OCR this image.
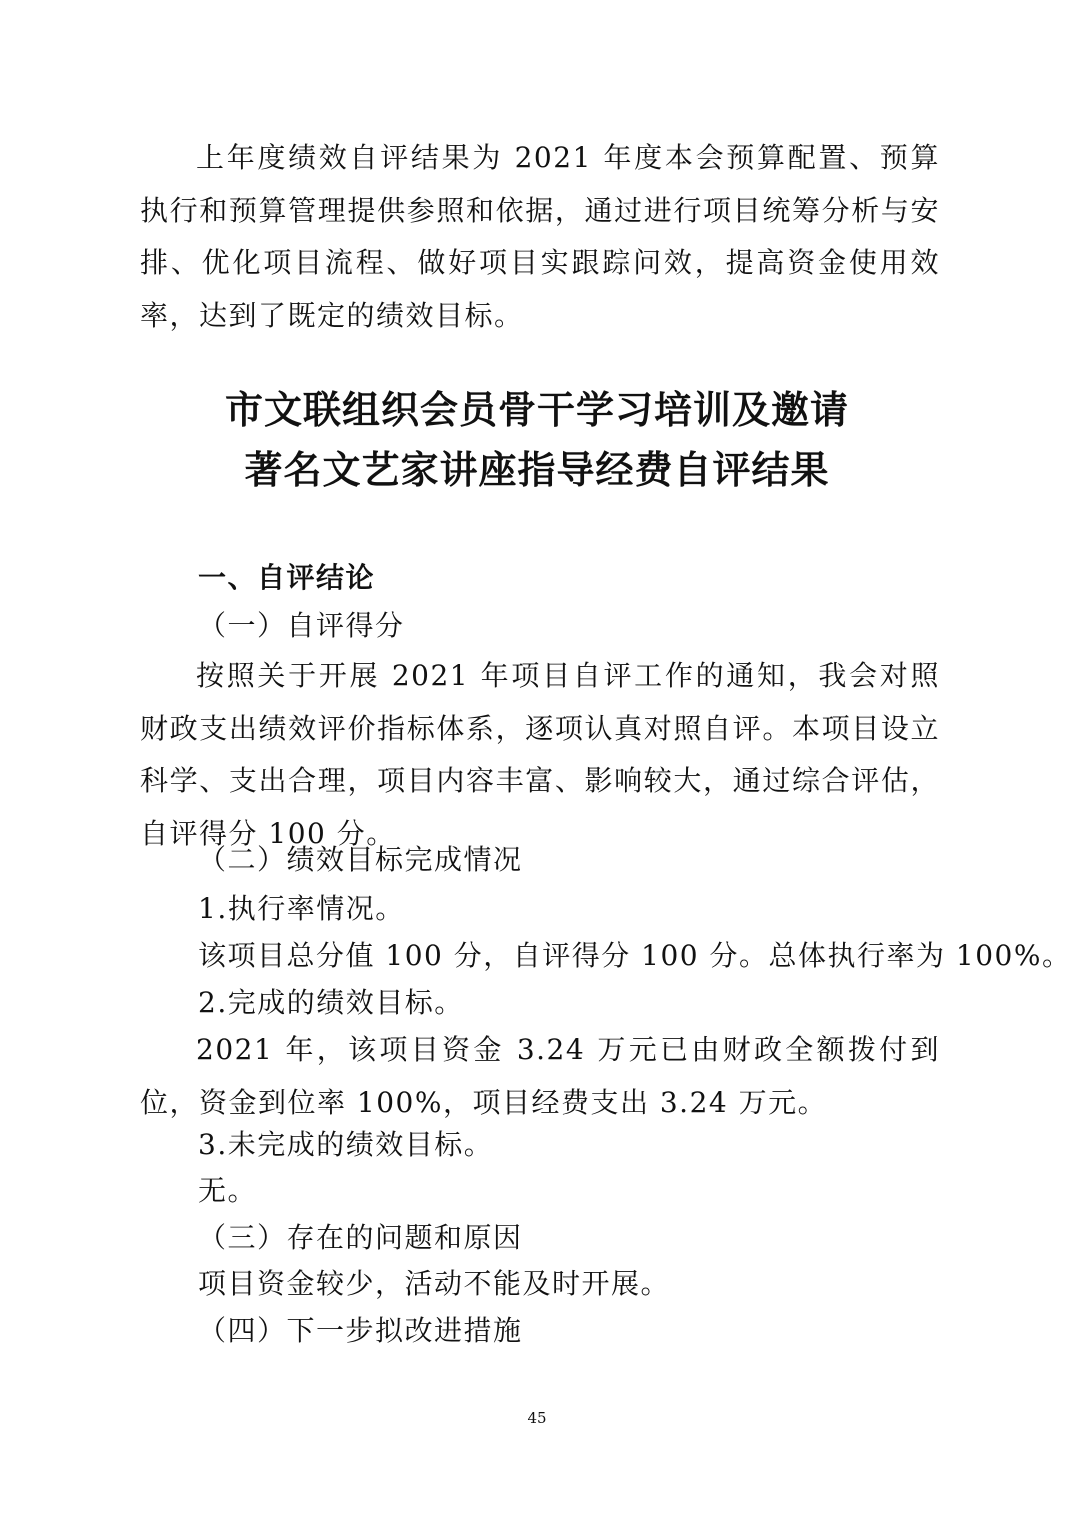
上年度绩效自评结果为 2021 年度本会预算配置、预算执行和预算管理提供参照和依据，通过进行项目统筹分析与安排、优化项目流程、做好项目实跟踪问效，提高资金使用效率，达到了既定的绩效目标。

市文联组织会员骨干学习培训及邀请
著名文艺家讲座指导经费自评结果
一、自评结论
（一）自评得分

按照关于开展 2021 年项目自评工作的通知，我会对照财政支出绩效评价指标体系，逐项认真对照自评。本项目设立科学、支出合理，项目内容丰富、影响较大，通过综合评估，自评得分 100 分。

（二）绩效目标完成情况
1.执行率情况。
该项目总分值 100 分，自评得分 100 分。总体执行率为 100%。
2.完成的绩效目标。

2021 年，该项目资金 3.24 万元已由财政全额拨付到位，资金到位率 100%，项目经费支出 3.24 万元。

3.未完成的绩效目标。
无。
（三）存在的问题和原因
项目资金较少，活动不能及时开展。
（四）下一步拟改进措施
45
